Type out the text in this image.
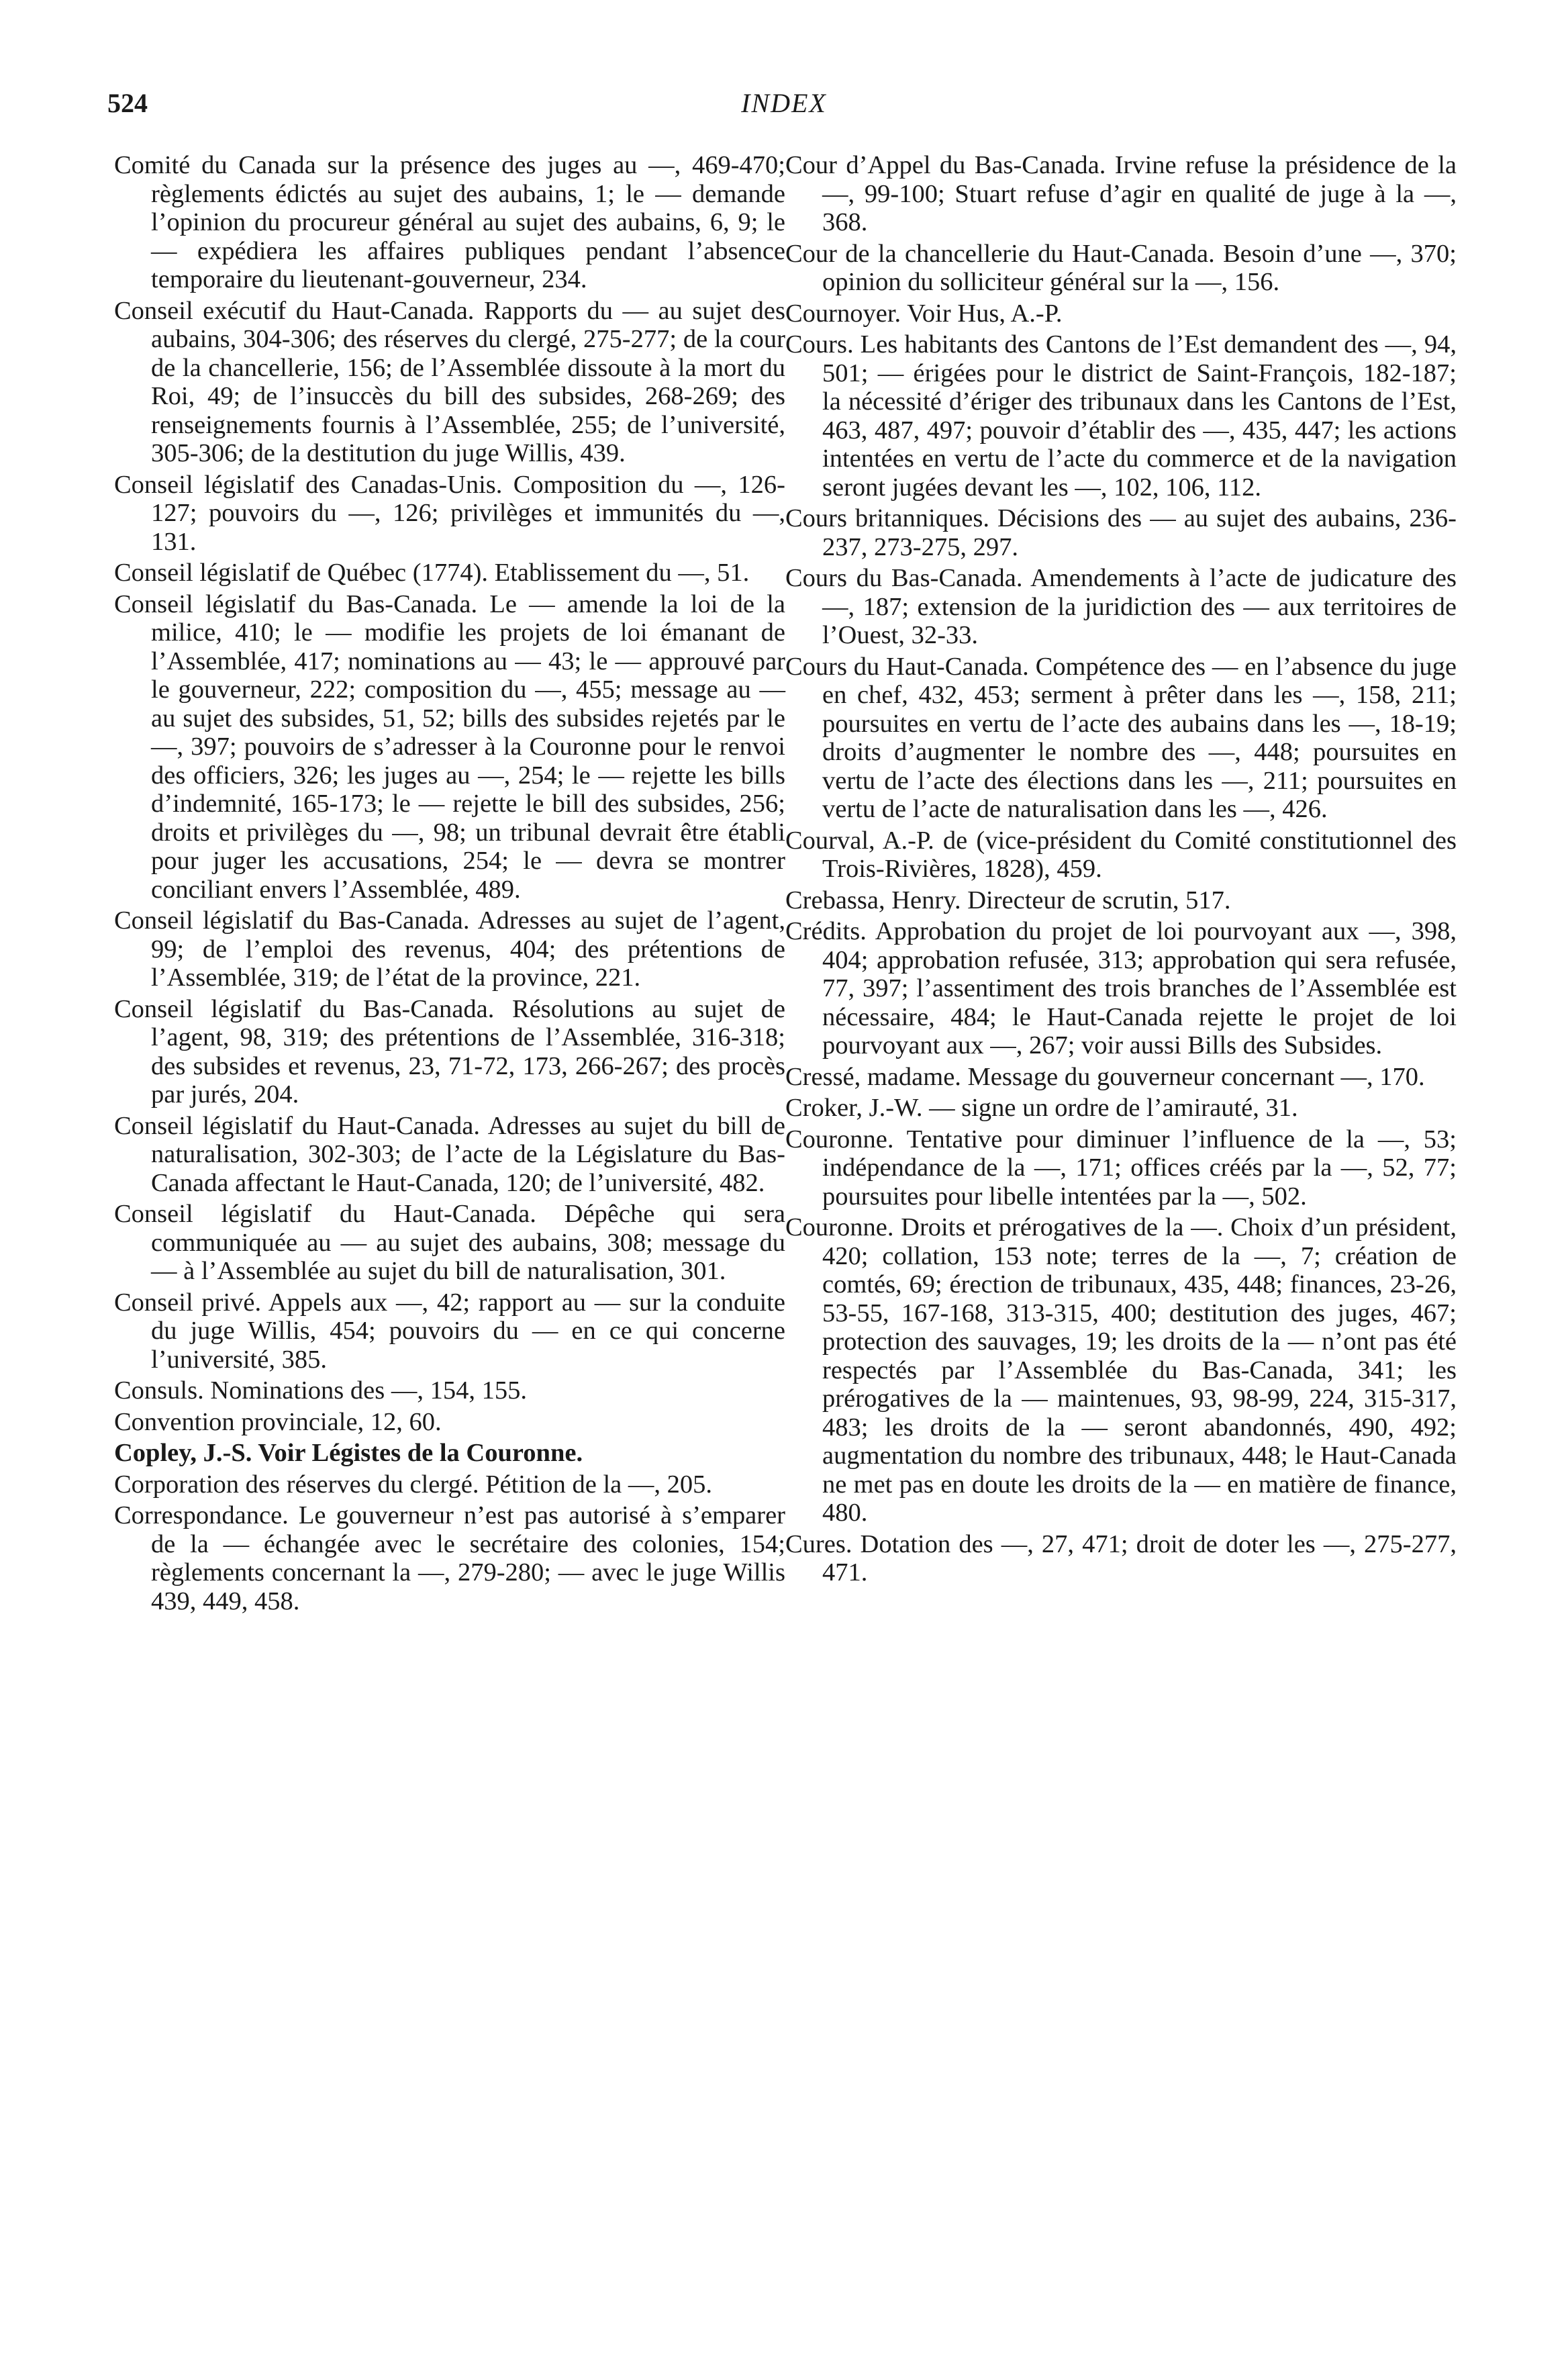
524	INDEX

Comité du Canada sur la présence des juges au —, 469-470; règlements édictés au sujet des aubains, 1; le — demande l’opinion du procureur général au sujet des aubains, 6, 9; le — expédiera les affaires publiques pendant l’absence temporaire du lieutenant-gouverneur, 234.

Conseil exécutif du Haut-Canada. Rapports du — au sujet des aubains, 304-306; des réserves du clergé, 275-277; de la cour de la chancellerie, 156; de l’Assemblée dissoute à la mort du Roi, 49; de l’insuccès du bill des subsides, 268-269; des renseignements fournis à l’Assemblée, 255; de l’université, 305-306; de la destitution du juge Willis, 439.

Conseil législatif des Canadas-Unis. Composition du —, 126-127; pouvoirs du —, 126; privilèges et immunités du —, 131.

Conseil législatif de Québec (1774). Etablissement du —, 51.

Conseil législatif du Bas-Canada. Le — amende la loi de la milice, 410; le — modifie les projets de loi émanant de l’Assemblée, 417; nominations au — 43; le — approuvé par le gouverneur, 222; composition du —, 455; message au — au sujet des subsides, 51, 52; bills des subsides rejetés par le —, 397; pouvoirs de s’adresser à la Couronne pour le renvoi des officiers, 326; les juges au —, 254; le — rejette les bills d’indemnité, 165-173; le — rejette le bill des subsides, 256; droits et privilèges du —, 98; un tribunal devrait être établi pour juger les accusations, 254; le — devra se montrer conciliant envers l’Assemblée, 489.

Conseil législatif du Bas-Canada. Adresses au sujet de l’agent, 99; de l’emploi des revenus, 404; des prétentions de l’Assemblée, 319; de l’état de la province, 221.

Conseil législatif du Bas-Canada. Résolutions au sujet de l’agent, 98, 319; des prétentions de l’Assemblée, 316-318; des subsides et revenus, 23, 71-72, 173, 266-267; des procès par jurés, 204.

Conseil législatif du Haut-Canada. Adresses au sujet du bill de naturalisation, 302-303; de l’acte de la Législature du Bas-Canada affectant le Haut-Canada, 120; de l’université, 482.

Conseil législatif du Haut-Canada. Dépêche qui sera communiquée au — au sujet des aubains, 308; message du — à l’Assemblée au sujet du bill de naturalisation, 301.

Conseil privé. Appels aux —, 42; rapport au — sur la conduite du juge Willis, 454; pouvoirs du — en ce qui concerne l’université, 385.

Consuls. Nominations des —, 154, 155.

Convention provinciale, 12, 60.

Copley, J.-S. Voir Légistes de la Couronne.

Corporation des réserves du clergé. Pétition de la —, 205.

Correspondance. Le gouverneur n’est pas autorisé à s’emparer de la — échangée avec le secrétaire des colonies, 154; règlements concernant la —, 279-280; — avec le juge Willis 439, 449, 458.

Cour d’Appel du Bas-Canada. Irvine refuse la présidence de la —, 99-100; Stuart refuse d’agir en qualité de juge à la —, 368.

Cour de la chancellerie du Haut-Canada. Besoin d’une —, 370; opinion du solliciteur général sur la —, 156.

Cournoyer. Voir Hus, A.-P.

Cours. Les habitants des Cantons de l’Est demandent des —, 94, 501; — érigées pour le district de Saint-François, 182-187; la nécessité d’ériger des tribunaux dans les Cantons de l’Est, 463, 487, 497; pouvoir d’établir des —, 435, 447; les actions intentées en vertu de l’acte du commerce et de la navigation seront jugées devant les —, 102, 106, 112.

Cours britanniques. Décisions des — au sujet des aubains, 236-237, 273-275, 297.

Cours du Bas-Canada. Amendements à l’acte de judicature des —, 187; extension de la juridiction des — aux territoires de l’Ouest, 32-33.

Cours du Haut-Canada. Compétence des — en l’absence du juge en chef, 432, 453; serment à prêter dans les —, 158, 211; poursuites en vertu de l’acte des aubains dans les —, 18-19; droits d’augmenter le nombre des —, 448; poursuites en vertu de l’acte des élections dans les —, 211; poursuites en vertu de l’acte de naturalisation dans les —, 426.

Courval, A.-P. de (vice-président du Comité constitutionnel des Trois-Rivières, 1828), 459.

Crebassa, Henry. Directeur de scrutin, 517.

Crédits. Approbation du projet de loi pourvoyant aux —, 398, 404; approbation refusée, 313; approbation qui sera refusée, 77, 397; l’assentiment des trois branches de l’Assemblée est nécessaire, 484; le Haut-Canada rejette le projet de loi pourvoyant aux —, 267; voir aussi Bills des Subsides.

Cressé, madame. Message du gouverneur concernant —, 170.

Croker, J.-W. — signe un ordre de l’amirauté, 31.

Couronne. Tentative pour diminuer l’influence de la —, 53; indépendance de la —, 171; offices créés par la —, 52, 77; poursuites pour libelle intentées par la —, 502.

Couronne. Droits et prérogatives de la —. Choix d’un président, 420; collation, 153 note; terres de la —, 7; création de comtés, 69; érection de tribunaux, 435, 448; finances, 23-26, 53-55, 167-168, 313-315, 400; destitution des juges, 467; protection des sauvages, 19; les droits de la — n’ont pas été respectés par l’Assemblée du Bas-Canada, 341; les prérogatives de la — maintenues, 93, 98-99, 224, 315-317, 483; les droits de la — seront abandonnés, 490, 492; augmentation du nombre des tribunaux, 448; le Haut-Canada ne met pas en doute les droits de la — en matière de finance, 480.

Cures. Dotation des —, 27, 471; droit de doter les —, 275-277, 471.
